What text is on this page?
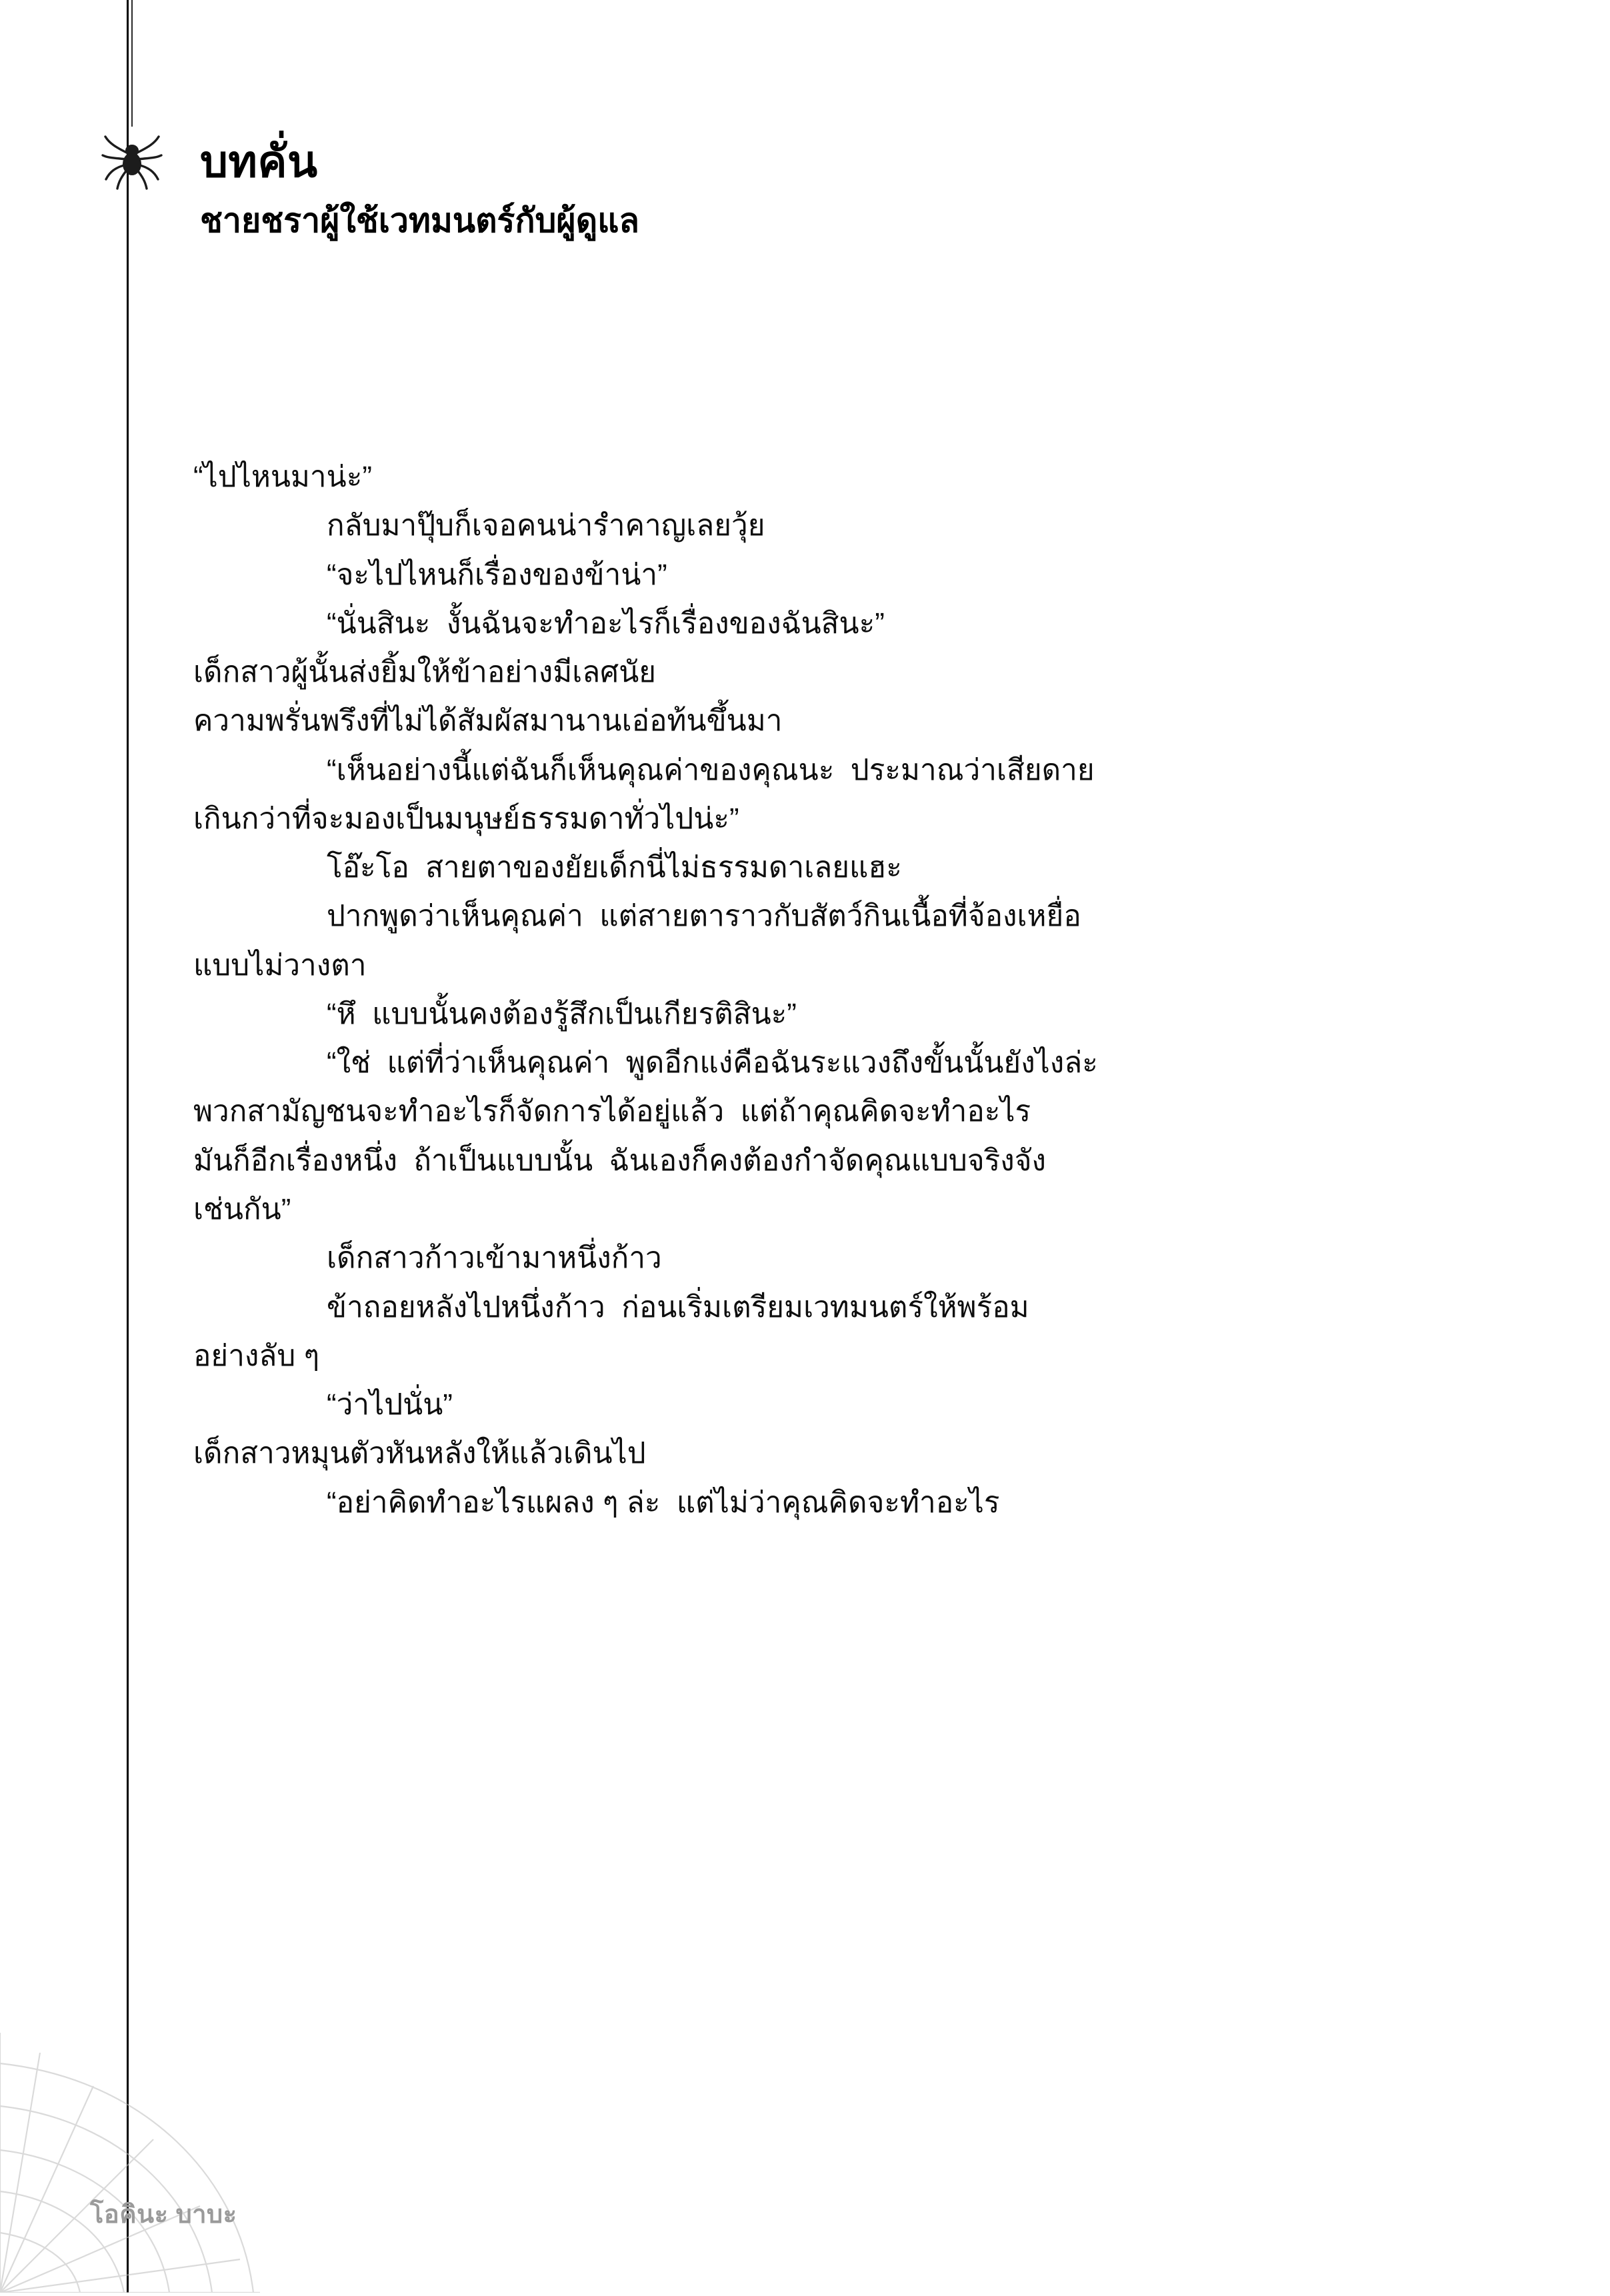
บทคั่น
ชายชราผู้ใช้เวทมนตร์กับผู้ดูแล

“ไปไหนมาน่ะ”

กลับมาปุ๊บก็เจอคนน่ารำคาญเลยวุ้ย

“จะไปไหนก็เรื่องของข้าน่า”

“นั่นสินะ  งั้นฉันจะทำอะไรก็เรื่องของฉันสินะ”

เด็กสาวผู้นั้นส่งยิ้มให้ข้าอย่างมีเลศนัย

ความพรั่นพรึงที่ไม่ได้สัมผัสมานานเอ่อท้นขึ้นมา

“เห็นอย่างนี้แต่ฉันก็เห็นคุณค่าของคุณนะ  ประมาณว่าเสียดาย

เกินกว่าที่จะมองเป็นมนุษย์ธรรมดาทั่วไปน่ะ”

โอ๊ะโอ  สายตาของยัยเด็กนี่ไม่ธรรมดาเลยแฮะ

ปากพูดว่าเห็นคุณค่า  แต่สายตาราวกับสัตว์กินเนื้อที่จ้องเหยื่อ

แบบไม่วางตา

“หึ  แบบนั้นคงต้องรู้สึกเป็นเกียรติสินะ”

“ใช่  แต่ที่ว่าเห็นคุณค่า  พูดอีกแง่คือฉันระแวงถึงขั้นนั้นยังไงล่ะ

พวกสามัญชนจะทำอะไรก็จัดการได้อยู่แล้ว  แต่ถ้าคุณคิดจะทำอะไร

มันก็อีกเรื่องหนึ่ง  ถ้าเป็นแบบนั้น  ฉันเองก็คงต้องกำจัดคุณแบบจริงจัง

เช่นกัน”

เด็กสาวก้าวเข้ามาหนึ่งก้าว

ข้าถอยหลังไปหนึ่งก้าว  ก่อนเริ่มเตรียมเวทมนตร์ให้พร้อม

อย่างลับ ๆ

“ว่าไปนั่น”

เด็กสาวหมุนตัวหันหลังให้แล้วเดินไป

“อย่าคิดทำอะไรแผลง ๆ ล่ะ  แต่ไม่ว่าคุณคิดจะทำอะไร

โอคินะ บาบะ
